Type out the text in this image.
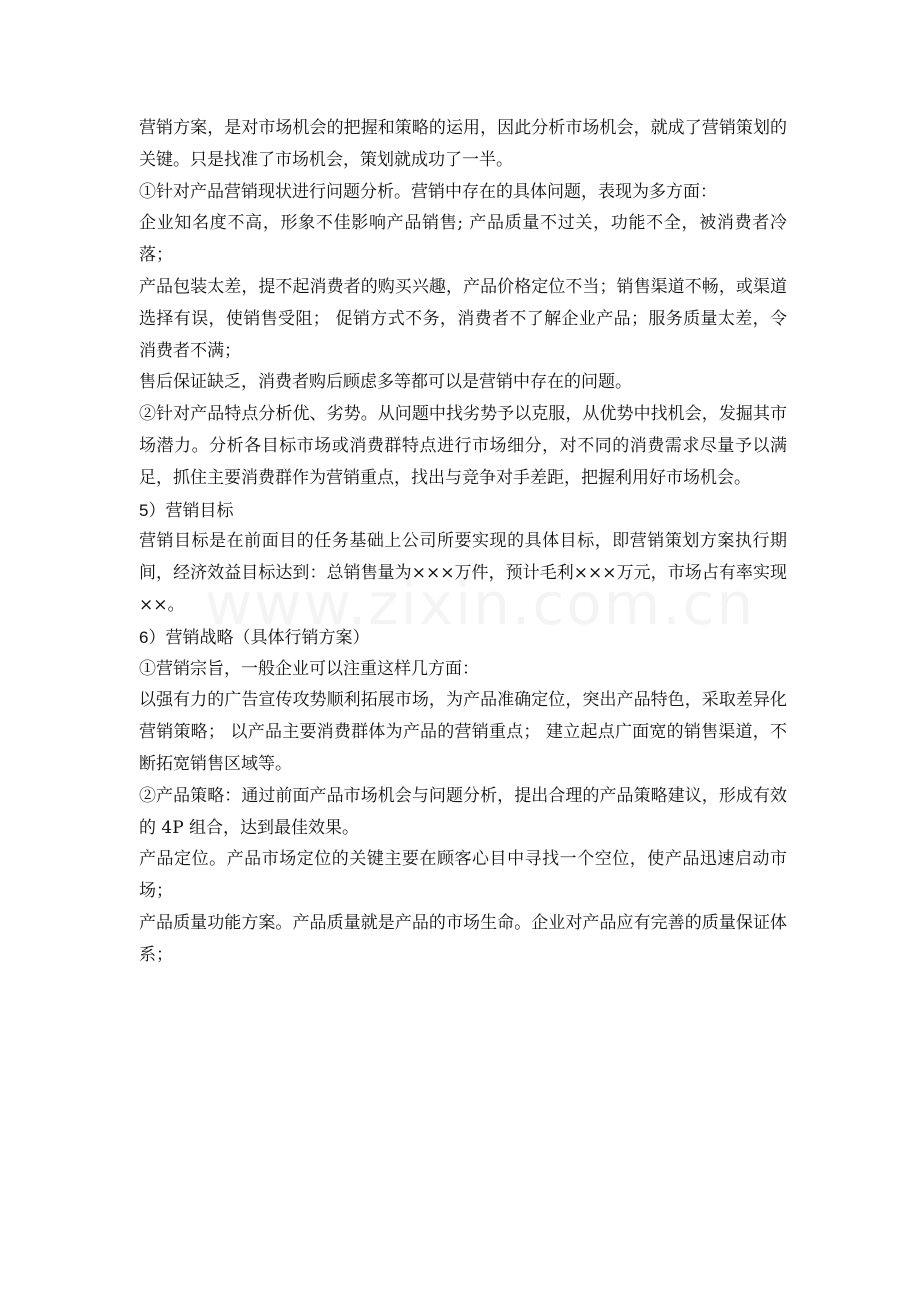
营销方案，是对市场机会的把握和策略的运用，因此分析市场机会，就成了营销策划的关键。只是找准了市场机会，策划就成功了一半。

①针对产品营销现状进行问题分析。营销中存在的具体问题，表现为多方面：

企业知名度不高，形象不佳影响产品销售; 产品质量不过关，功能不全，被消费者冷落；

产品包装太差，提不起消费者的购买兴趣，产品价格定位不当；销售渠道不畅，或渠道选择有误，使销售受阻； 促销方式不务，消费者不了解企业产品；服务质量太差，令消费者不满；

售后保证缺乏，消费者购后顾虑多等都可以是营销中存在的问题。

②针对产品特点分析优、劣势。从问题中找劣势予以克服，从优势中找机会，发掘其市场潜力。分析各目标市场或消费群特点进行市场细分，对不同的消费需求尽量予以满足，抓住主要消费群作为营销重点，找出与竞争对手差距，把握利用好市场机会。

5）营销目标

营销目标是在前面目的任务基础上公司所要实现的具体目标，即营销策划方案执行期间，经济效益目标达到：总销售量为×××万件，预计毛利×××万元，市场占有率实现××。

6）营销战略（具体行销方案）

①营销宗旨，一般企业可以注重这样几方面：

以强有力的广告宣传攻势顺利拓展市场，为产品准确定位，突出产品特色，采取差异化营销策略； 以产品主要消费群体为产品的营销重点； 建立起点广面宽的销售渠道，不断拓宽销售区域等。

②产品策略：通过前面产品市场机会与问题分析，提出合理的产品策略建议，形成有效的 4P 组合，达到最佳效果。

产品定位。产品市场定位的关键主要在顾客心目中寻找一个空位，使产品迅速启动市场；

产品质量功能方案。产品质量就是产品的市场生命。企业对产品应有完善的质量保证体系；
